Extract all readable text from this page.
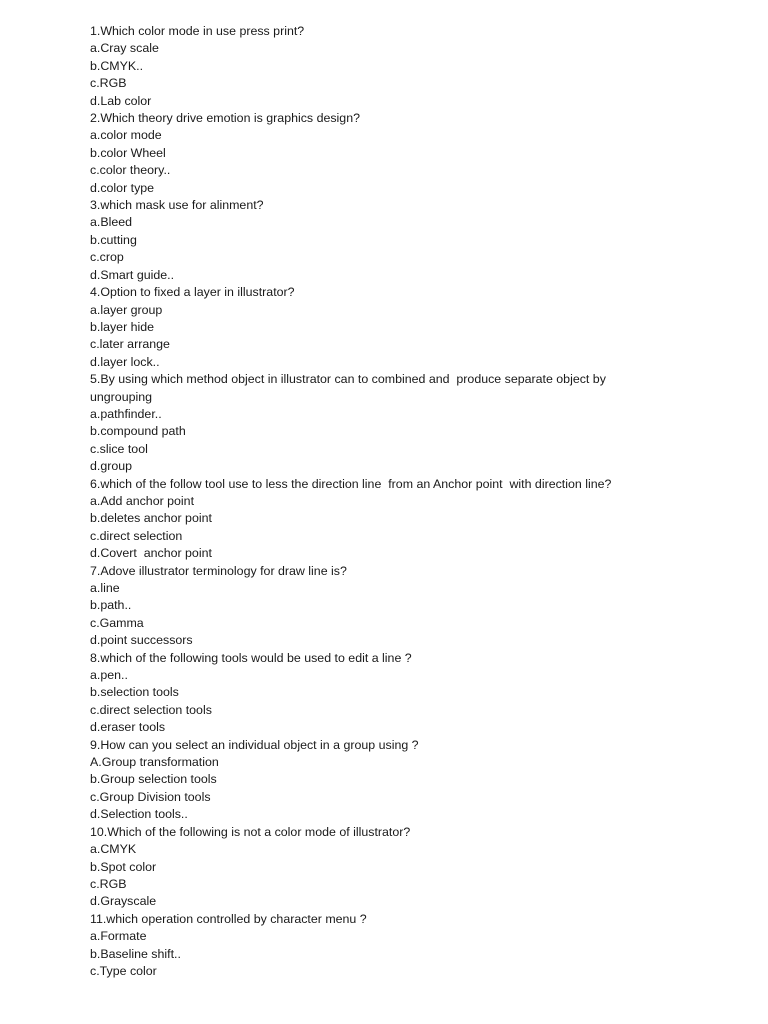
1.Which color mode in use press print?
a.Cray scale
b.CMYK..
c.RGB
d.Lab color
2.Which theory drive emotion is graphics design?
a.color mode
b.color Wheel
c.color theory..
d.color type
3.which mask use for alinment?
a.Bleed
b.cutting
c.crop
d.Smart guide..
4.Option to fixed a layer in illustrator?
a.layer group
b.layer hide
c.later arrange
d.layer lock..
5.By using which method object in illustrator can to combined and  produce separate object by
ungrouping
a.pathfinder..
b.compound path
c.slice tool
d.group
6.which of the follow tool use to less the direction line  from an Anchor point  with direction line?
a.Add anchor point
b.deletes anchor point
c.direct selection
d.Covert  anchor point
7.Adove illustrator terminology for draw line is?
a.line
b.path..
c.Gamma
d.point successors
8.which of the following tools would be used to edit a line ?
a.pen..
b.selection tools
c.direct selection tools
d.eraser tools
9.How can you select an individual object in a group using ?
A.Group transformation
b.Group selection tools
c.Group Division tools
d.Selection tools..
10.Which of the following is not a color mode of illustrator?
a.CMYK
b.Spot color
c.RGB
d.Grayscale
11.which operation controlled by character menu ?
a.Formate
b.Baseline shift..
c.Type color
